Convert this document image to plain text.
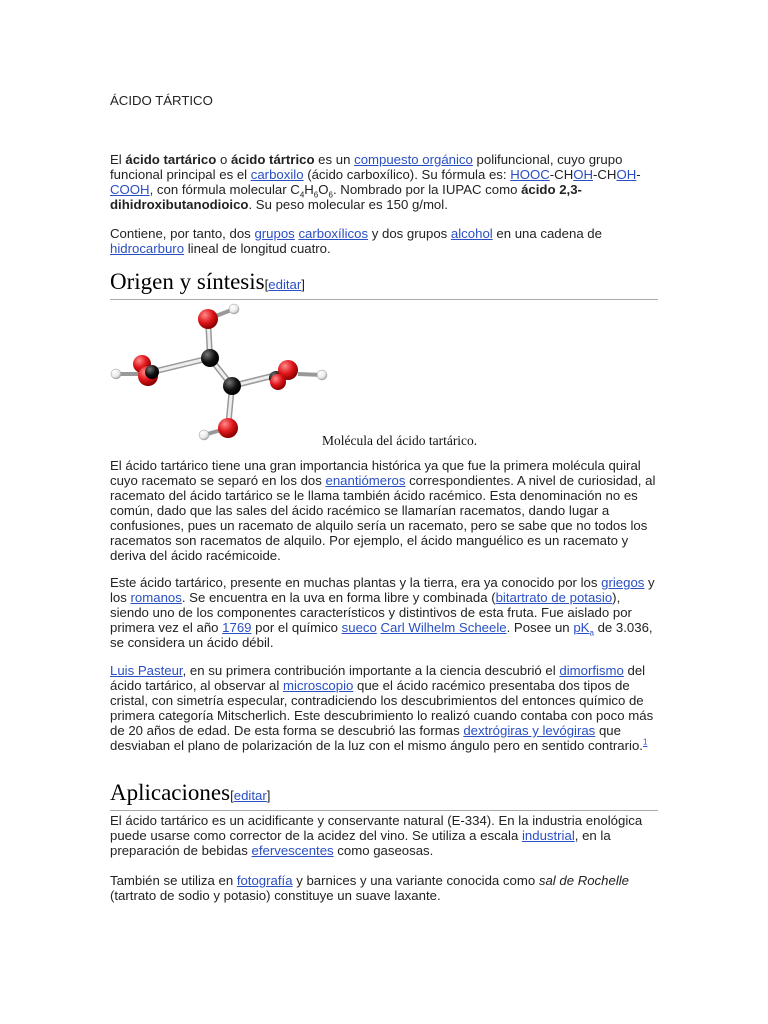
ÁCIDO TÁRTICO

El ácido tartárico o ácido tártrico es un compuesto orgánico polifuncional, cuyo grupo funcional principal es el carboxilo (ácido carboxílico). Su fórmula es: HOOC-CHOH-CHOH-COOH, con fórmula molecular $C_4H_6O_6$. Nombrado por la IUPAC como ácido 2,3-dihidroxibutanodioico. Su peso molecular es 150 g/mol.

Contiene, por tanto, dos grupos carboxílicos y dos grupos alcohol en una cadena de hidrocarburo lineal de longitud cuatro.

Origen y síntesis[editar]
Molécula del ácido tartárico.

El ácido tartárico tiene una gran importancia histórica ya que fue la primera molécula quiral cuyo racemato se separó en los dos enantiómeros correspondientes. A nivel de curiosidad, al racemato del ácido tartárico se le llama también ácido racémico. Esta denominación no es común, dado que las sales del ácido racémico se llamarían racematos, dando lugar a confusiones, pues un racemato de alquilo sería un racemato, pero se sabe que no todos los racematos son racematos de alquilo. Por ejemplo, el ácido manguélico es un racemato y deriva del ácido racémicoide.

Este ácido tartárico, presente en muchas plantas y la tierra, era ya conocido por los griegos y los romanos. Se encuentra en la uva en forma libre y combinada (bitartrato de potasio), siendo uno de los componentes característicos y distintivos de esta fruta. Fue aislado por primera vez el año 1769 por el químico sueco Carl Wilhelm Scheele. Posee un $pK_a$ de 3.036, se considera un ácido débil.

Luis Pasteur, en su primera contribución importante a la ciencia descubrió el dimorfismo del ácido tartárico, al observar al microscopio que el ácido racémico presentaba dos tipos de cristal, con simetría especular, contradiciendo los descubrimientos del entonces químico de primera categoría Mitscherlich. Este descubrimiento lo realizó cuando contaba con poco más de 20 años de edad. De esta forma se descubrió las formas dextrógiras y levógiras que desviaban el plano de polarización de la luz con el mismo ángulo pero en sentido contrario.$^1$

Aplicaciones[editar]

El ácido tartárico es un acidificante y conservante natural (E-334). En la industria enológica puede usarse como corrector de la acidez del vino. Se utiliza a escala industrial, en la preparación de bebidas efervescentes como gaseosas.

También se utiliza en fotografía y barnices y una variante conocida como sal de Rochelle (tartrato de sodio y potasio) constituye un suave laxante.
